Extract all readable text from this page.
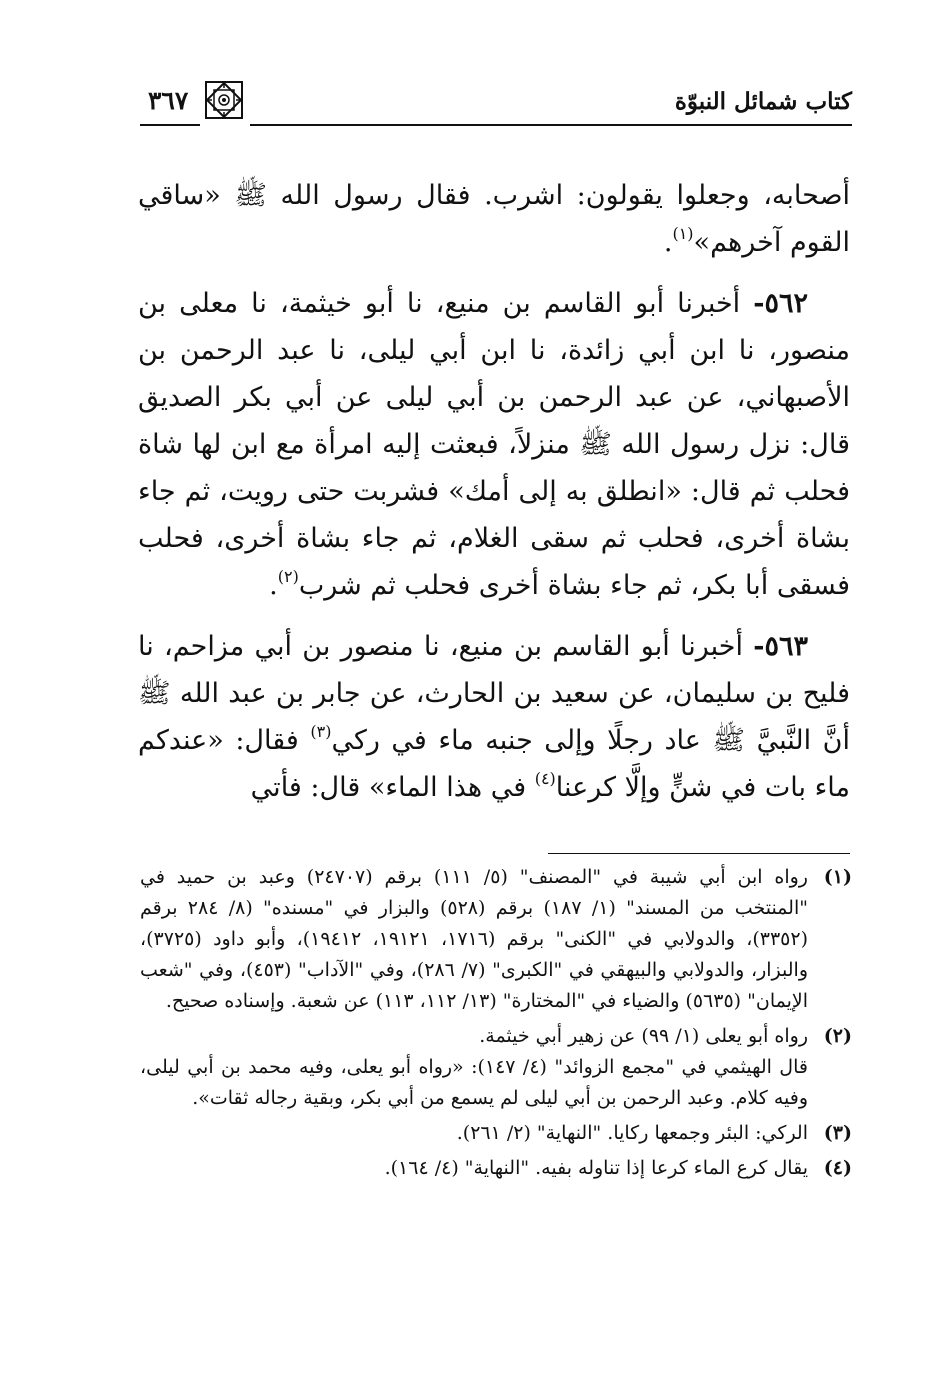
كتاب شمائل النبوّة
٣٦٧

أصحابه، وجعلوا يقولون: اشرب. فقال رسول الله ﷺ «ساقي القوم آخرهم»$^{(١)}$.

٥٦٢- أخبرنا أبو القاسم بن منيع، نا أبو خيثمة، نا معلى بن منصور، نا ابن أبي زائدة، نا ابن أبي ليلى، نا عبد الرحمن بن الأصبهاني، عن عبد الرحمن بن أبي ليلى عن أبي بكر الصديق قال: نزل رسول الله ﷺ منزلاً، فبعثت إليه امرأة مع ابن لها شاة فحلب ثم قال: «انطلق به إلى أمك» فشربت حتى رويت، ثم جاء بشاة أخرى، فحلب ثم سقى الغلام، ثم جاء بشاة أخرى، فحلب فسقى أبا بكر، ثم جاء بشاة أخرى فحلب ثم شرب$^{(٢)}$.

٥٦٣- أخبرنا أبو القاسم بن منيع، نا منصور بن أبي مزاحم، نا فليح بن سليمان، عن سعيد بن الحارث، عن جابر بن عبد الله ﷺ أنَّ النَّبيَّ ﷺ عاد رجلًا وإلى جنبه ماء في ركي$^{(٣)}$ فقال: «عندكم ماء بات في شنٍّ وإلَّا كرعنا$^{(٤)}$ في هذا الماء» قال: فأتي

(١)

رواه ابن أبي شيبة في "المصنف" (٥/ ١١١) برقم (٢٤٧٠٧) وعبد بن حميد في "المنتخب من المسند" (١/ ١٨٧) برقم (٥٢٨) والبزار في "مسنده" (٨/ ٢٨٤ برقم (٣٣٥٢)، والدولابي في "الكنى" برقم (١٧١٦، ١٩١٢١، ١٩٤١٢)، وأبو داود (٣٧٢٥)، والبزار، والدولابي والبيهقي في "الكبرى" (٧/ ٢٨٦)، وفي "الآداب" (٤٥٣)، وفي "شعب الإيمان" (٥٦٣٥) والضياء في "المختارة" (١٣/ ١١٢، ١١٣) عن شعبة. وإسناده صحيح.

(٢)

رواه أبو يعلى (١/ ٩٩) عن زهير أبي خيثمة.

قال الهيثمي في "مجمع الزوائد" (٤/ ١٤٧): «رواه أبو يعلى، وفيه محمد بن أبي ليلى، وفيه كلام. وعبد الرحمن بن أبي ليلى لم يسمع من أبي بكر، وبقية رجاله ثقات».

(٣)

الركي: البئر وجمعها ركايا. "النهاية" (٢/ ٢٦١).

(٤)

يقال كرع الماء كرعا إذا تناوله بفيه. "النهاية" (٤/ ١٦٤).
